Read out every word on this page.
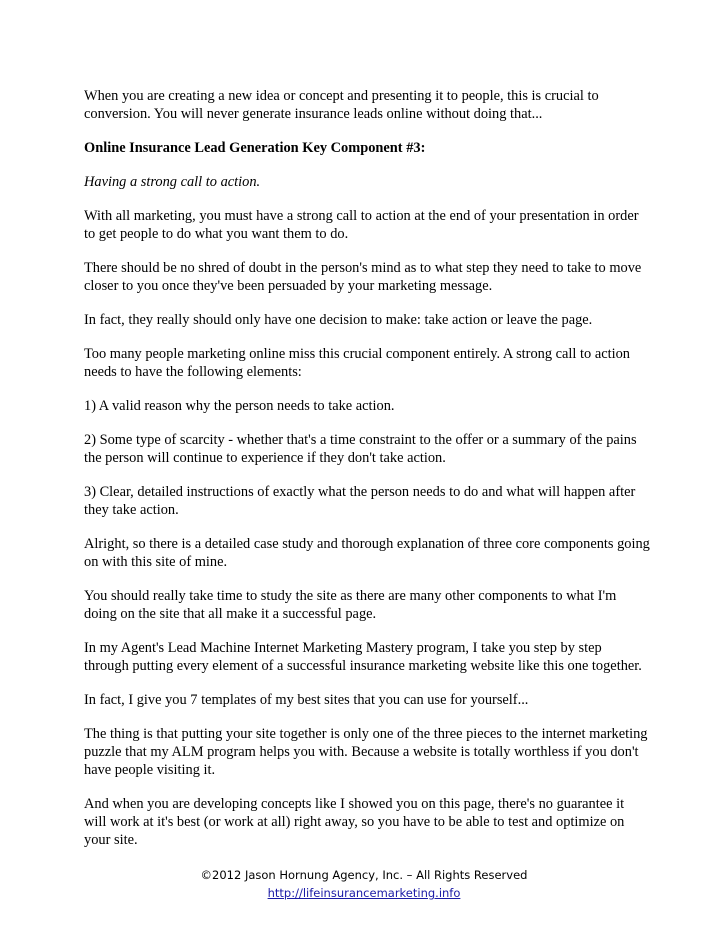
When you are creating a new idea or concept and presenting it to people, this is crucial to conversion. You will never generate insurance leads online without doing that...

Online Insurance Lead Generation Key Component #3:

Having a strong call to action.

With all marketing, you must have a strong call to action at the end of your presentation in order to get people to do what you want them to do.

There should be no shred of doubt in the person's mind as to what step they need to take to move closer to you once they've been persuaded by your marketing message.

In fact, they really should only have one decision to make: take action or leave the page.

Too many people marketing online miss this crucial component entirely. A strong call to action needs to have the following elements:

1) A valid reason why the person needs to take action.

2) Some type of scarcity - whether that's a time constraint to the offer or a summary of the pains the person will continue to experience if they don't take action.

3) Clear, detailed instructions of exactly what the person needs to do and what will happen after they take action.

Alright, so there is a detailed case study and thorough explanation of three core components going on with this site of mine.

You should really take time to study the site as there are many other components to what I'm doing on the site that all make it a successful page.

In my Agent's Lead Machine Internet Marketing Mastery program, I take you step by step through putting every element of a successful insurance marketing website like this one together.

In fact, I give you 7 templates of my best sites that you can use for yourself...

The thing is that putting your site together is only one of the three pieces to the internet marketing puzzle that my ALM program helps you with. Because a website is totally worthless if you don't have people visiting it.

And when you are developing concepts like I showed you on this page, there's no guarantee it will work at it's best (or work at all) right away, so you have to be able to test and optimize on your site.

©2012 Jason Hornung Agency, Inc. – All Rights Reserved
http://lifeinsurancemarketing.info
